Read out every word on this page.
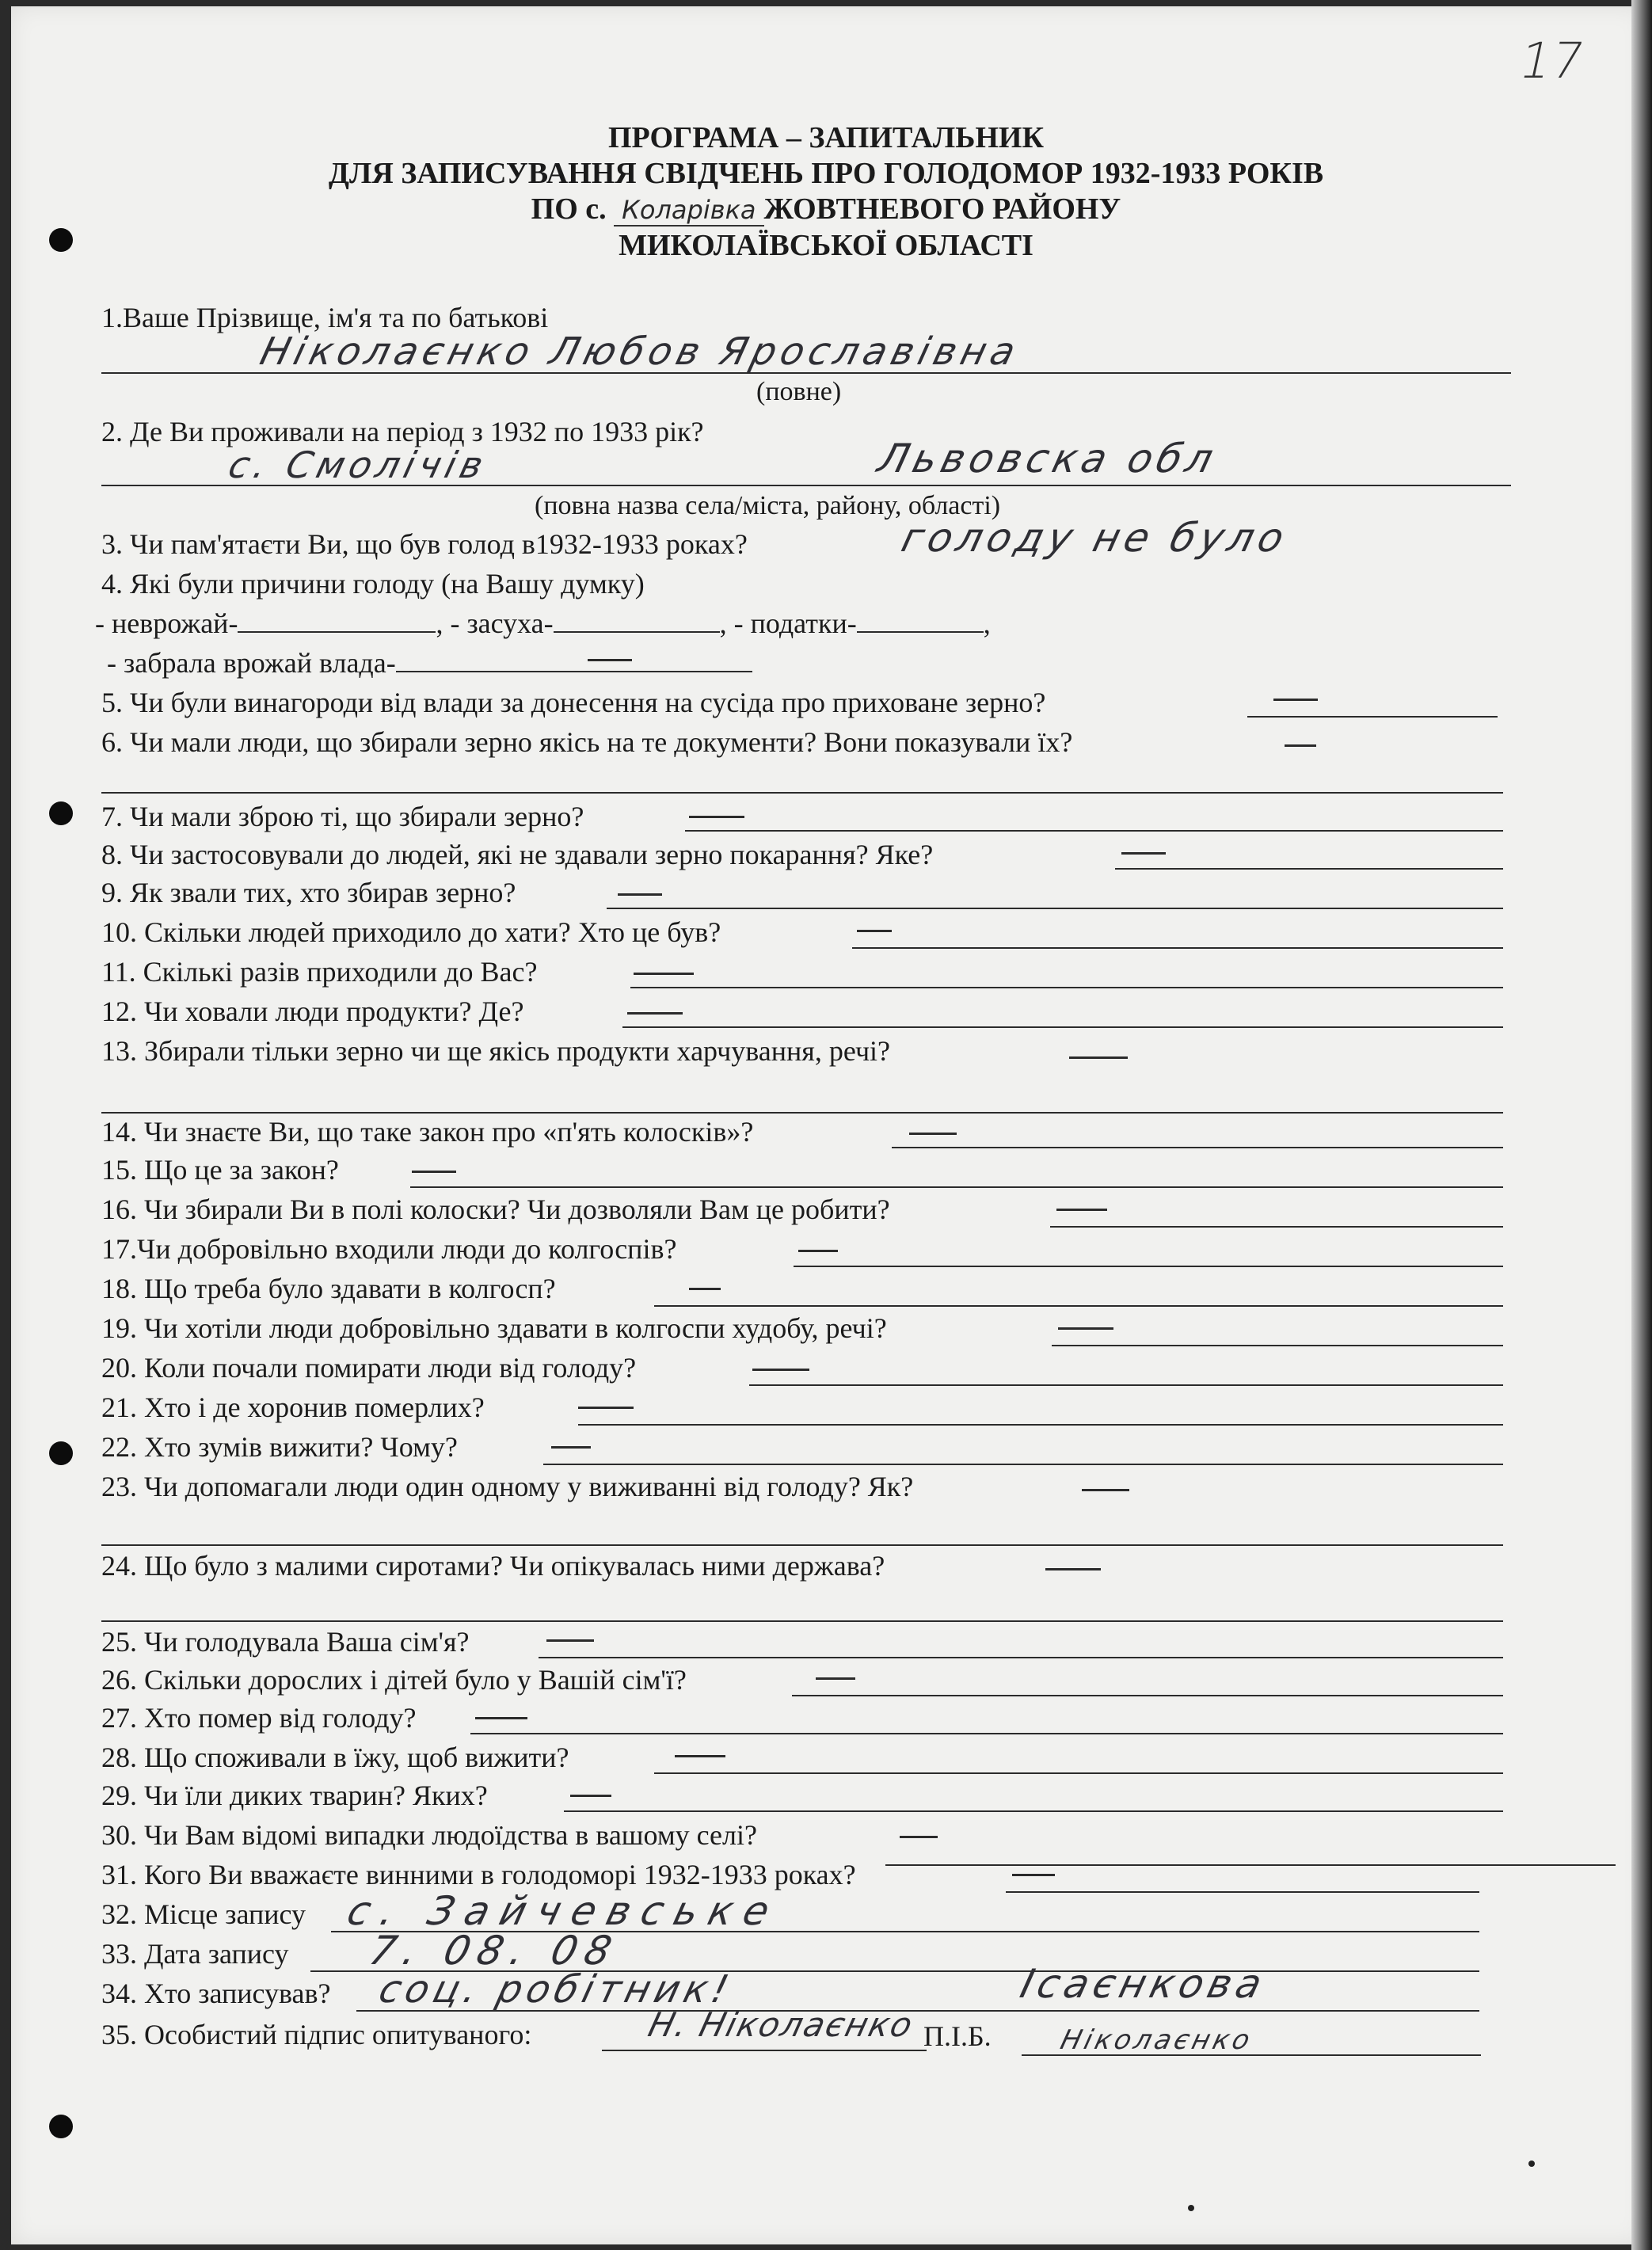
17
ПРОГРАМА – ЗАПИТАЛЬНИК
ДЛЯ ЗАПИСУВАННЯ СВІДЧЕНЬ ПРО ГОЛОДОМОР 1932-1933 РОКІВ
ПО с. Коларівка ЖОВТНЕВОГО РАЙОНУ
МИКОЛАЇВСЬКОЇ ОБЛАСТІ
1.Ваше Прізвище, ім'я та по батькові
Ніколаєнко Любов Ярославівна
(повне)
2. Де Ви проживали на період з 1932 по 1933 рік?
с. Смолічів	Львовска обл
(повна назва села/міста, району, області)
3. Чи пам'ятаєти Ви, що був голод в1932-1933 роках?	голоду не було
4. Які були причини голоду (на Вашу думку)
- неврожай-	, - засуха-	, - податки-	,
- забрала врожай влада-
5. Чи були винагороди від влади за донесення на сусіда про приховане зерно?
6. Чи мали люди, що збирали зерно якісь на те документи? Вони показували їх?
7. Чи мали зброю ті, що збирали зерно?
8. Чи застосовували до людей, які не здавали зерно покарання? Яке?
9. Як звали тих, хто збирав зерно?
10. Скільки людей приходило до хати? Хто це був?
11. Скількі разів приходили до Вас?
12. Чи ховали люди продукти? Де?
13. Збирали тільки зерно чи ще якісь продукти харчування, речі?
14. Чи знаєте Ви, що таке закон про «п'ять колосків»?
15. Що це за закон?
16. Чи збирали Ви в полі колоски? Чи дозволяли Вам це робити?
17.Чи добровільно входили люди до колгоспів?
18. Що треба було здавати в колгосп?
19. Чи хотіли люди добровільно здавати в колгоспи худобу, речі?
20. Коли почали помирати люди від голоду?
21. Хто і де хоронив померлих?
22. Хто зумів вижити? Чому?
23. Чи допомагали люди один одному у виживанні від голоду? Як?
24. Що було з малими сиротами? Чи опікувалась ними держава?
25. Чи голодувала Ваша сім'я?
26. Скільки дорослих і дітей було у Вашій сім'ї?
27. Хто помер від голоду?
28. Що споживали в їжу, щоб вижити?
29. Чи їли диких тварин? Яких?
30. Чи Вам відомі випадки людоїдства в вашому селі?
31. Кого Ви вважаєте винними в голодоморі 1932-1933 роках?
32. Місце запису с. Зайчевське
33. Дата запису	7. 08. 08
34. Хто записував?	соц. робітник!	Ісаєнкова
35. Особистий підпис опитуваного:	Н. Ніколаєнко П.І.Б. Ніколаєнко
